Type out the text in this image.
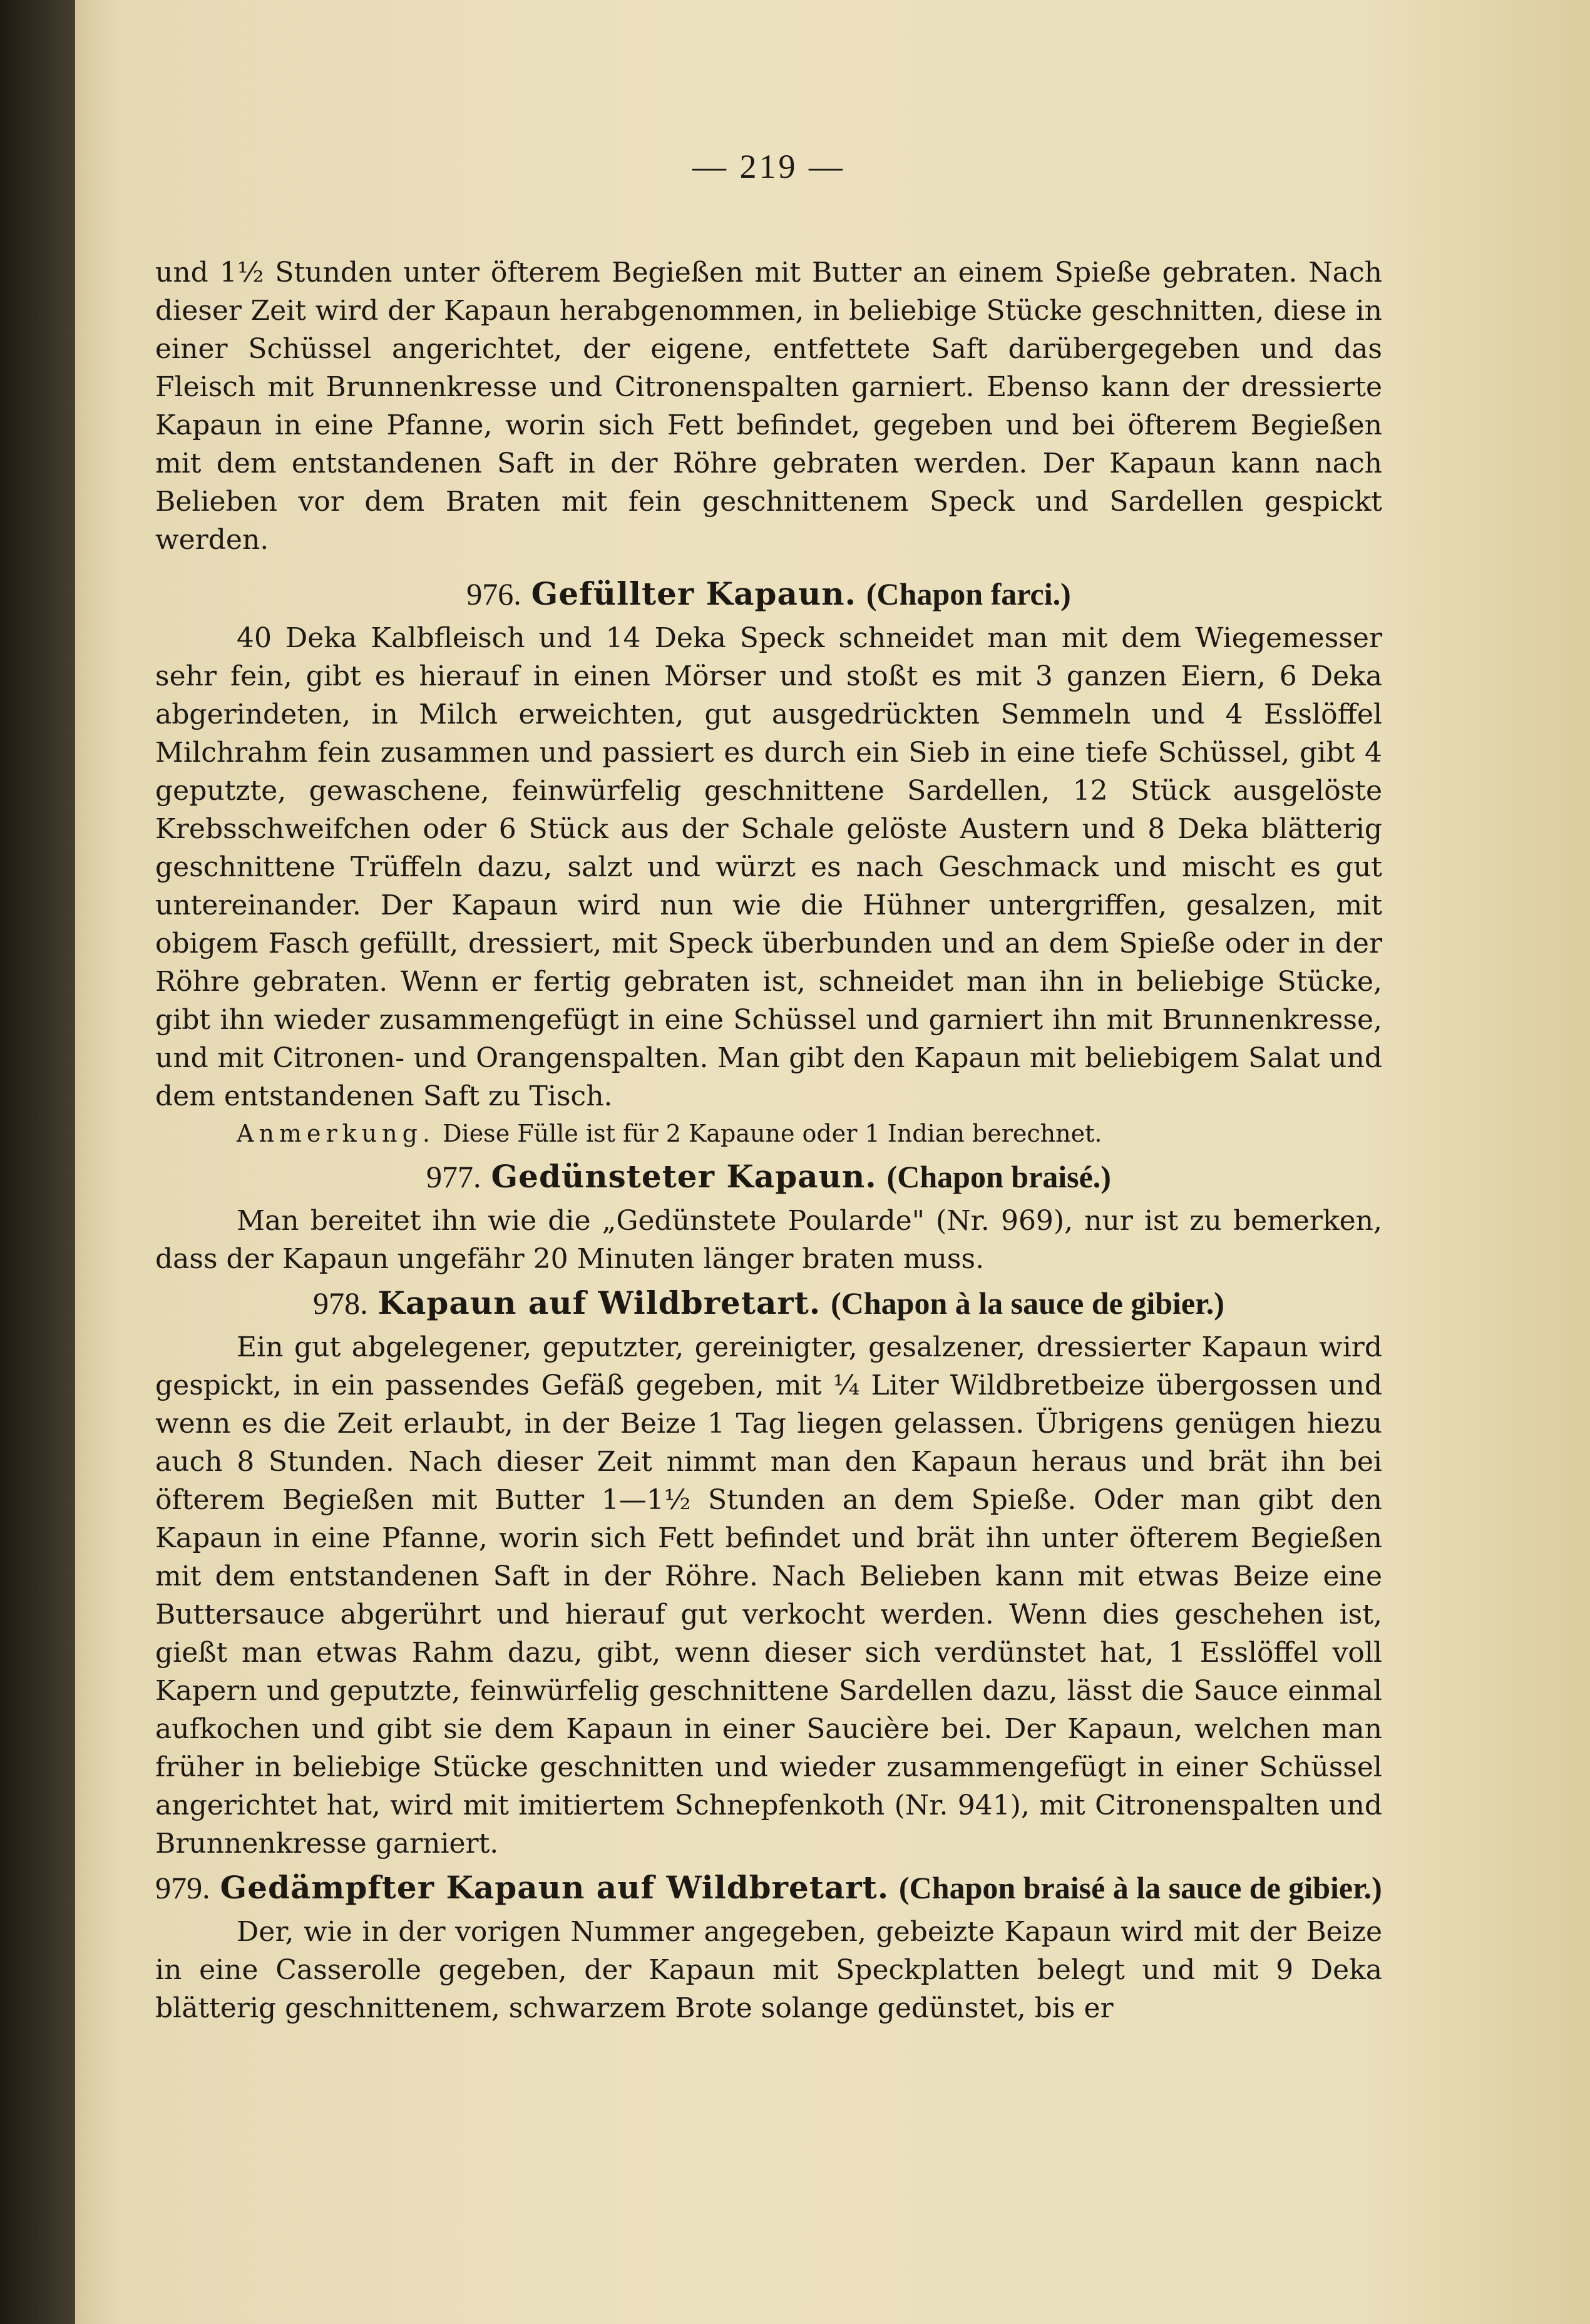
— 219 —

und 1½ Stunden unter öfterem Begießen mit Butter an einem Spieße gebraten. Nach dieser Zeit wird der Kapaun herabgenommen, in beliebige Stücke geschnitten, diese in einer Schüssel angerichtet, der eigene, entfettete Saft darübergegeben und das Fleisch mit Brunnenkresse und Citronenspalten garniert. Ebenso kann der dressierte Kapaun in eine Pfanne, worin sich Fett befindet, gegeben und bei öfterem Begießen mit dem entstandenen Saft in der Röhre gebraten werden. Der Kapaun kann nach Belieben vor dem Braten mit fein geschnittenem Speck und Sardellen gespickt werden.

976. Gefüllter Kapaun. (Chapon farci.)

40 Deka Kalbfleisch und 14 Deka Speck schneidet man mit dem Wiegemesser sehr fein, gibt es hierauf in einen Mörser und stoßt es mit 3 ganzen Eiern, 6 Deka abgerindeten, in Milch erweichten, gut ausgedrückten Semmeln und 4 Esslöffel Milchrahm fein zusammen und passiert es durch ein Sieb in eine tiefe Schüssel, gibt 4 geputzte, gewaschene, feinwürfelig geschnittene Sardellen, 12 Stück ausgelöste Krebsschweifchen oder 6 Stück aus der Schale gelöste Austern und 8 Deka blätterig geschnittene Trüffeln dazu, salzt und würzt es nach Geschmack und mischt es gut untereinander. Der Kapaun wird nun wie die Hühner untergriffen, gesalzen, mit obigem Fasch gefüllt, dressiert, mit Speck überbunden und an dem Spieße oder in der Röhre gebraten. Wenn er fertig gebraten ist, schneidet man ihn in beliebige Stücke, gibt ihn wieder zusammengefügt in eine Schüssel und garniert ihn mit Brunnenkresse, und mit Citronen- und Orangenspalten. Man gibt den Kapaun mit beliebigem Salat und dem entstandenen Saft zu Tisch.

Anmerkung. Diese Fülle ist für 2 Kapaune oder 1 Indian berechnet.

977. Gedünsteter Kapaun. (Chapon braisé.)

Man bereitet ihn wie die „Gedünstete Poularde" (Nr. 969), nur ist zu bemerken, dass der Kapaun ungefähr 20 Minuten länger braten muss.

978. Kapaun auf Wildbretart. (Chapon à la sauce de gibier.)

Ein gut abgelegener, geputzter, gereinigter, gesalzener, dressierter Kapaun wird gespickt, in ein passendes Gefäß gegeben, mit ¼ Liter Wildbretbeize übergossen und wenn es die Zeit erlaubt, in der Beize 1 Tag liegen gelassen. Übrigens genügen hiezu auch 8 Stunden. Nach dieser Zeit nimmt man den Kapaun heraus und brät ihn bei öfterem Begießen mit Butter 1—1½ Stunden an dem Spieße. Oder man gibt den Kapaun in eine Pfanne, worin sich Fett befindet und brät ihn unter öfterem Begießen mit dem entstandenen Saft in der Röhre. Nach Belieben kann mit etwas Beize eine Buttersauce abgerührt und hierauf gut verkocht werden. Wenn dies geschehen ist, gießt man etwas Rahm dazu, gibt, wenn dieser sich verdünstet hat, 1 Esslöffel voll Kapern und geputzte, feinwürfelig geschnittene Sardellen dazu, lässt die Sauce einmal aufkochen und gibt sie dem Kapaun in einer Saucière bei. Der Kapaun, welchen man früher in beliebige Stücke geschnitten und wieder zusammengefügt in einer Schüssel angerichtet hat, wird mit imitiertem Schnepfenkoth (Nr. 941), mit Citronenspalten und Brunnenkresse garniert.

979. Gedämpfter Kapaun auf Wildbretart. (Chapon braisé à la sauce de gibier.)

Der, wie in der vorigen Nummer angegeben, gebeizte Kapaun wird mit der Beize in eine Casserolle gegeben, der Kapaun mit Speckplatten belegt und mit 9 Deka blätterig geschnittenem, schwarzem Brote solange gedünstet, bis er
